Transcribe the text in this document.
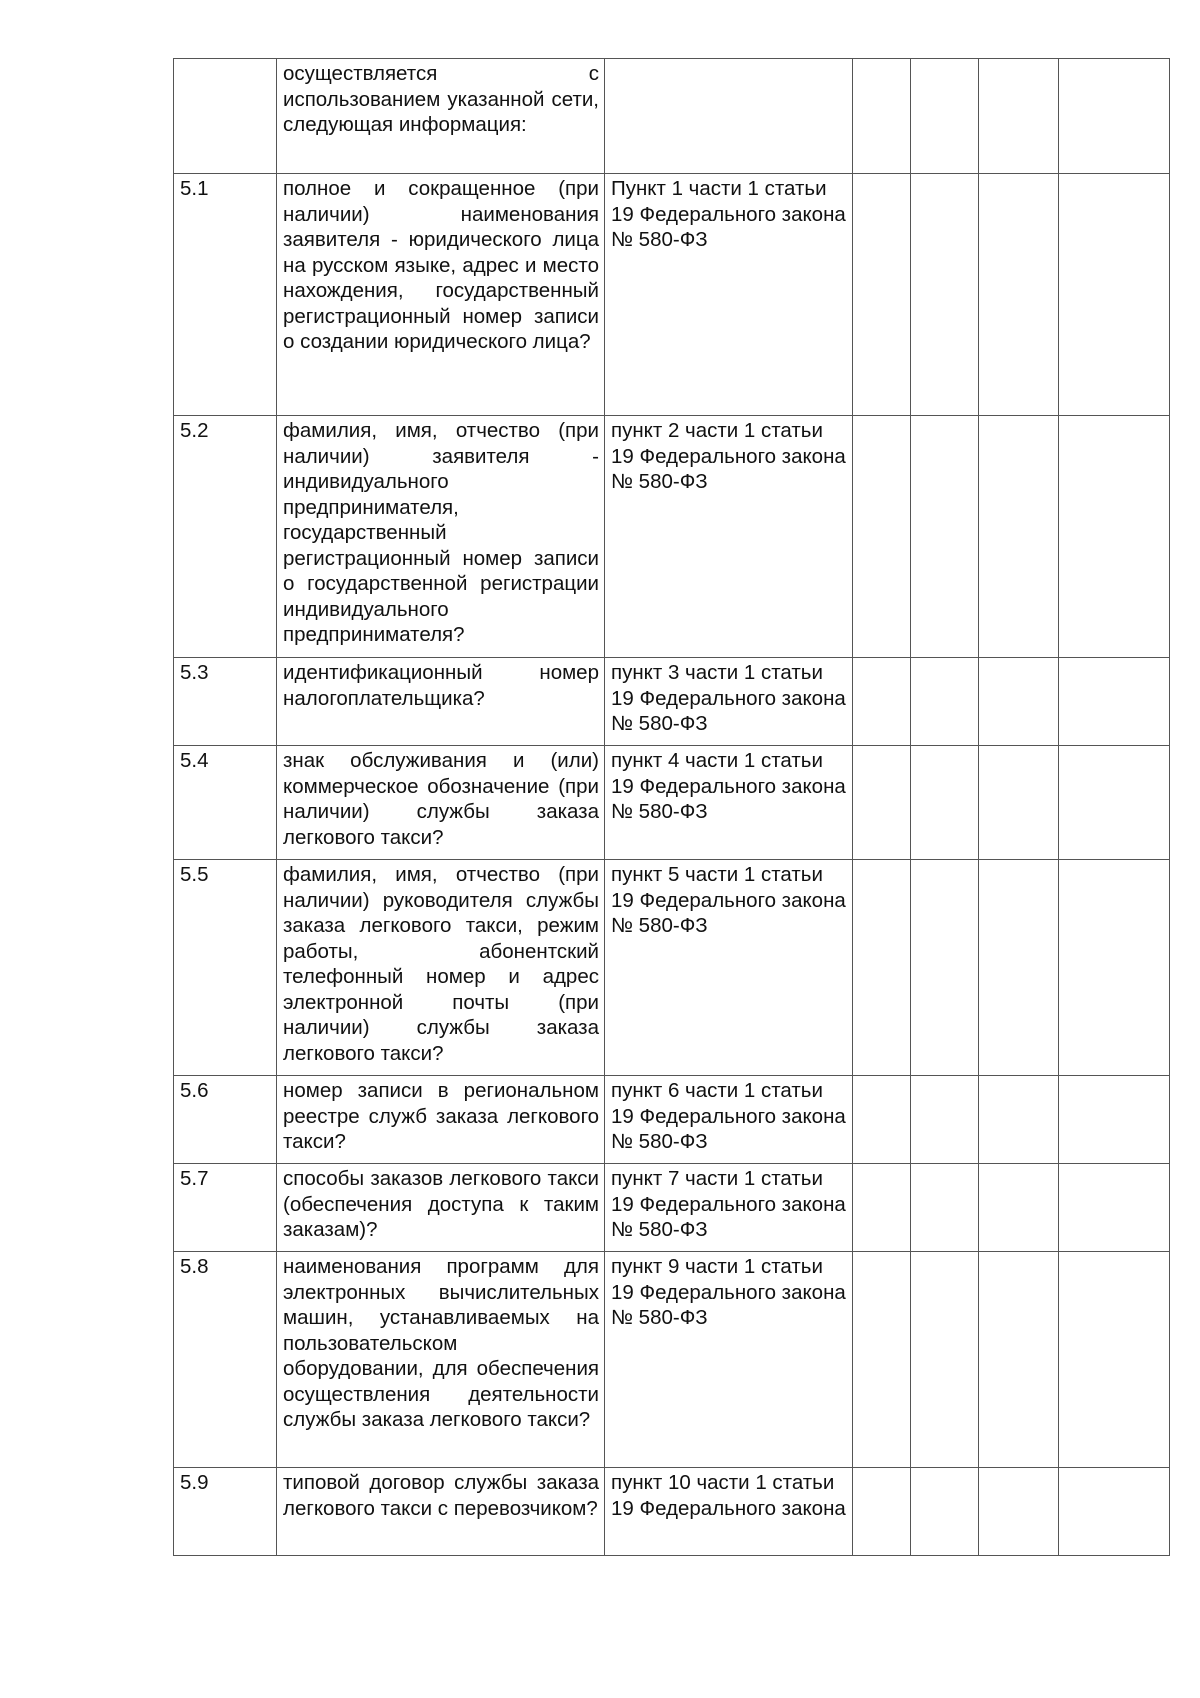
	осуществляется с использованием указанной сети, следующая информация:					
5.1	полное и сокращенное (при наличии) наименования заявителя - юридического лица на русском языке, адрес и место нахождения, государственный регистрационный номер записи о создании юридического лица?	Пункт 1 части 1 статьи 19 Федерального закона № 580-ФЗ				
5.2	фамилия, имя, отчество (при наличии) заявителя - индивидуального предпринимателя, государственный регистрационный номер записи о государственной регистрации индивидуального предпринимателя?	пункт 2 части 1 статьи 19 Федерального закона № 580-ФЗ				
5.3	идентификационный номер налогоплательщика?	пункт 3 части 1 статьи 19 Федерального закона № 580-ФЗ				
5.4	знак обслуживания и (или) коммерческое обозначение (при наличии) службы заказа легкового такси?	пункт 4 части 1 статьи 19 Федерального закона № 580-ФЗ				
5.5	фамилия, имя, отчество (при наличии) руководителя службы заказа легкового такси, режим работы, абонентский телефонный номер и адрес электронной почты (при наличии) службы заказа легкового такси?	пункт 5 части 1 статьи 19 Федерального закона № 580-ФЗ				
5.6	номер записи в региональном реестре служб заказа легкового такси?	пункт 6 части 1 статьи 19 Федерального закона № 580-ФЗ				
5.7	способы заказов легкового такси (обеспечения доступа к таким заказам)?	пункт 7 части 1 статьи 19 Федерального закона № 580-ФЗ				
5.8	наименования программ для электронных вычислительных машин, устанавливаемых на пользовательском оборудовании, для обеспечения осуществления деятельности службы заказа легкового такси?	пункт 9 части 1 статьи 19 Федерального закона № 580-ФЗ				
5.9	типовой договор службы заказа легкового такси с перевозчиком?	пункт 10 части 1 статьи 19 Федерального закона				
